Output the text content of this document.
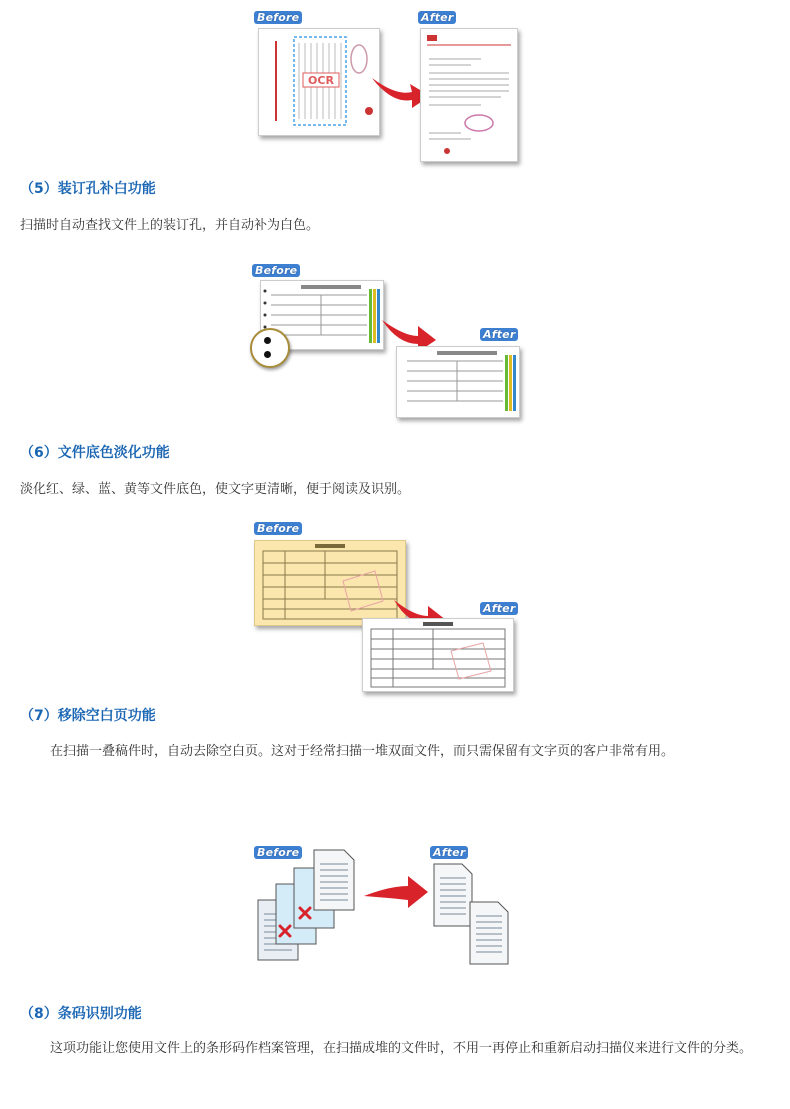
Before	After
OCR
（5）装订孔补白功能
扫描时自动查找文件上的装订孔，并自动补为白色。
Before
After
（6）文件底色淡化功能
淡化红、绿、蓝、黄等文件底色，使文字更清晰，便于阅读及识别。
Before
After
（7）移除空白页功能
在扫描一叠稿件时，自动去除空白页。这对于经常扫描一堆双面文件，而只需保留有文字页的客户非常有用。
Before	After
（8）条码识别功能
这项功能让您使用文件上的条形码作档案管理，在扫描成堆的文件时，不用一再停止和重新启动扫描仪来进行文件的分类。
